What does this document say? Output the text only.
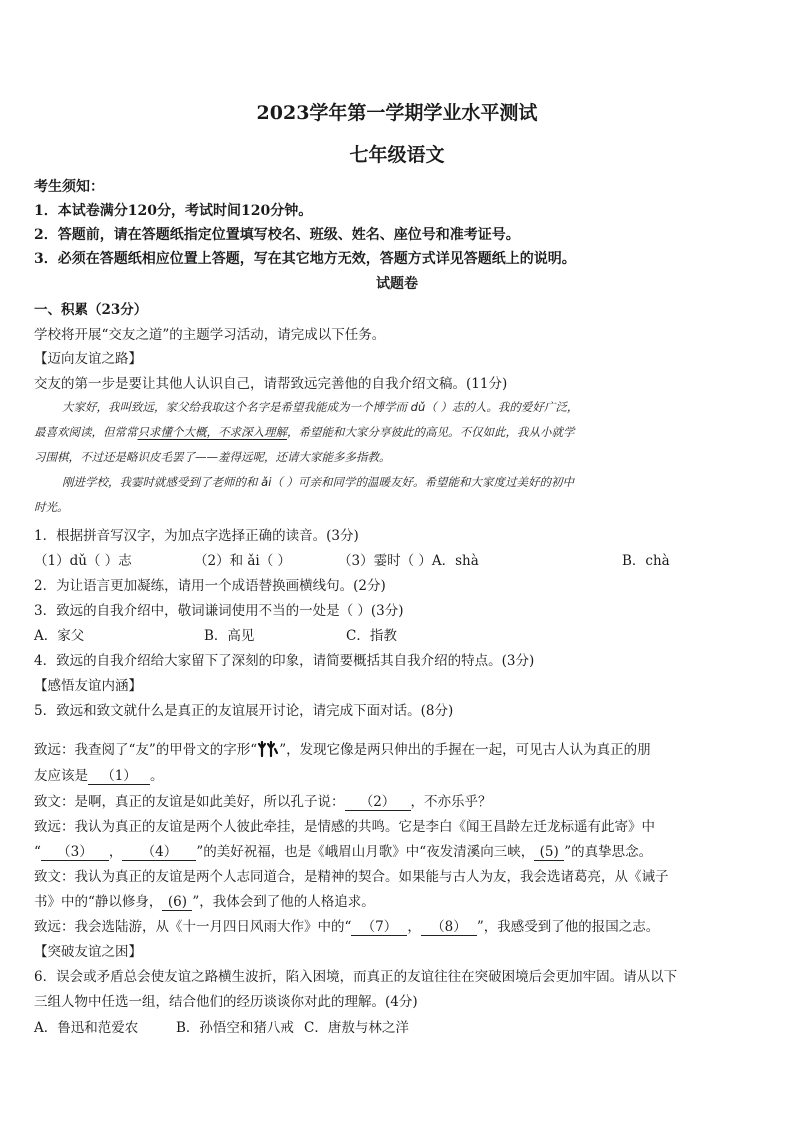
2023学年第一学期学业水平测试
七年级语文
考生须知：
1．本试卷满分120分，考试时间120分钟。
2．答题前，请在答题纸指定位置填写校名、班级、姓名、座位号和准考证号。
3．必须在答题纸相应位置上答题，写在其它地方无效，答题方式详见答题纸上的说明。
试题卷
一、积累（23分）
学校将开展“交友之道”的主题学习活动，请完成以下任务。
【迈向友谊之路】
交友的第一步是要让其他人认识自己，请帮致远完善他的自我介绍文稿。(11分)
大家好，我叫致远，家父给我取这个名字是希望我能成为一个博学而 dǔ（ ）志的人。我的爱好广泛，
最喜欢阅读，但常常只求懂个大概，不求深入理解，希望能和大家分享彼此的高见。不仅如此，我从小就学
习围棋，不过还是略识皮毛罢了——羞得远呢，还请大家能多多指教。
刚进学校，我霎时就感受到了老师的和 ǎi（ ）可亲和同学的温暖友好。希望能和大家度过美好的初中
时光。
1．根据拼音写汉字，为加点字选择正确的读音。(3分)
（1）dǔ（ ）志	（2）和 ǎi（ ）	（3）霎时（ ）A．shà	B．chà
2．为让语言更加凝练，请用一个成语替换画横线句。(2分)
3．致远的自我介绍中，敬词谦词使用不当的一处是（ ）(3分)
A．家父	B．高见	C．指教
4．致远的自我介绍给大家留下了深刻的印象，请简要概括其自我介绍的特点。(3分)
【感悟友谊内涵】
5．致远和致文就什么是真正的友谊展开讨论，请完成下面对话。(8分)
致远：我查阅了“友”的甲骨文的字形“ ”，发现它像是两只伸出的手握在一起，可见古人认为真正的朋
友应该是 （1） 。
致文：是啊，真正的友谊是如此美好，所以孔子说： （2） ，不亦乐乎？
致远：我认为真正的友谊是两个人彼此牵挂，是情感的共鸣。它是李白《闻王昌龄左迁龙标遥有此寄》中
“ （3） ， （4） ”的美好祝福，也是《峨眉山月歌》中“夜发清溪向三峡， (5) ”的真挚思念。
致文：我认为真正的友谊是两个人志同道合，是精神的契合。如果能与古人为友，我会选诸葛亮，从《诫子
书》中的“静以修身， (6) ”，我体会到了他的人格追求。
致远：我会选陆游，从《十一月四日风雨大作》中的“ （7） ， （8） ”，我感受到了他的报国之志。
【突破友谊之困】
6．误会或矛盾总会使友谊之路横生波折，陷入困境，而真正的友谊往往在突破困境后会更加牢固。请从以下
三组人物中任选一组，结合他们的经历谈谈你对此的理解。(4分)
A．鲁迅和范爱农	B．孙悟空和猪八戒 C．唐敖与林之洋
